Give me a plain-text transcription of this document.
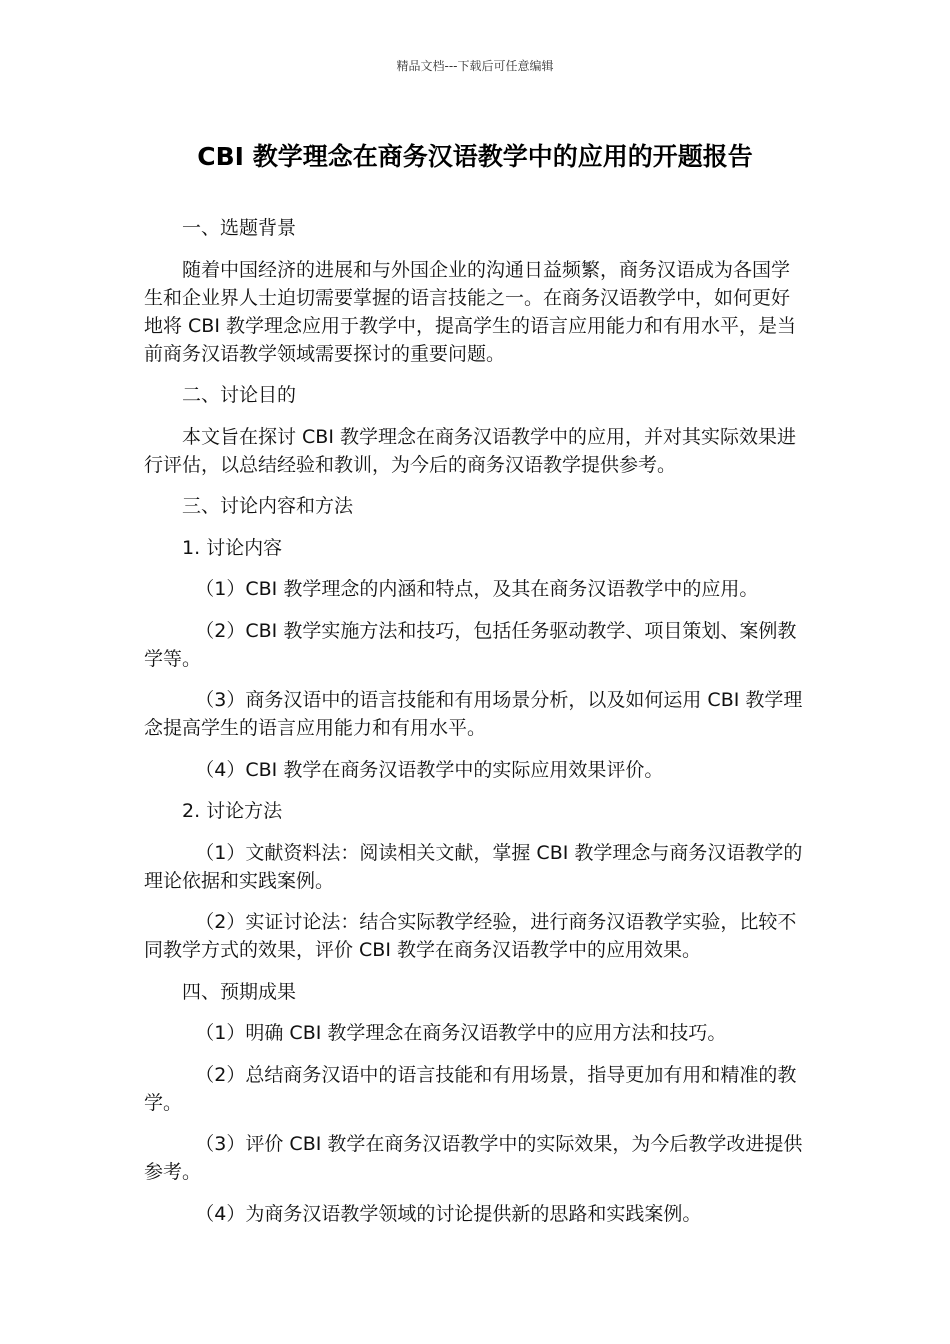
精品文档---下载后可任意编辑
CBI 教学理念在商务汉语教学中的应用的开题报告

一、选题背景

随着中国经济的进展和与外国企业的沟通日益频繁，商务汉语成为各国学生和企业界人士迫切需要掌握的语言技能之一。在商务汉语教学中，如何更好地将 CBI 教学理念应用于教学中，提高学生的语言应用能力和有用水平，是当前商务汉语教学领域需要探讨的重要问题。

二、讨论目的

本文旨在探讨 CBI 教学理念在商务汉语教学中的应用，并对其实际效果进行评估，以总结经验和教训，为今后的商务汉语教学提供参考。

三、讨论内容和方法

1. 讨论内容

（1）CBI 教学理念的内涵和特点，及其在商务汉语教学中的应用。

（2）CBI 教学实施方法和技巧，包括任务驱动教学、项目策划、案例教学等。

（3）商务汉语中的语言技能和有用场景分析，以及如何运用 CBI 教学理念提高学生的语言应用能力和有用水平。

（4）CBI 教学在商务汉语教学中的实际应用效果评价。

2. 讨论方法

（1）文献资料法：阅读相关文献，掌握 CBI 教学理念与商务汉语教学的理论依据和实践案例。

（2）实证讨论法：结合实际教学经验，进行商务汉语教学实验，比较不同教学方式的效果，评价 CBI 教学在商务汉语教学中的应用效果。

四、预期成果

（1）明确 CBI 教学理念在商务汉语教学中的应用方法和技巧。

（2）总结商务汉语中的语言技能和有用场景，指导更加有用和精准的教学。

（3）评价 CBI 教学在商务汉语教学中的实际效果，为今后教学改进提供参考。

（4）为商务汉语教学领域的讨论提供新的思路和实践案例。
